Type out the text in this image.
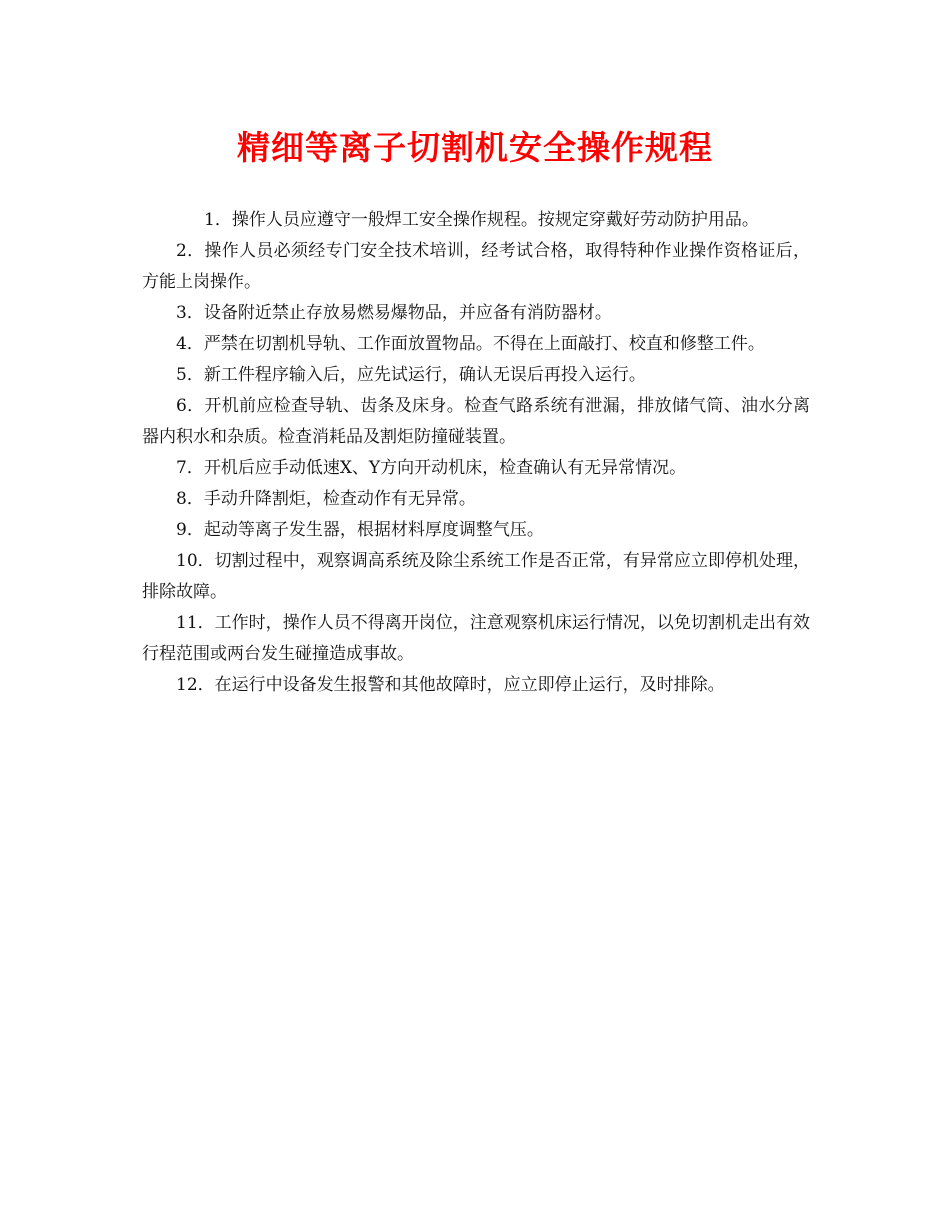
精细等离子切割机安全操作规程

1．操作人员应遵守一般焊工安全操作规程。按规定穿戴好劳动防护用品。

2．操作人员必须经专门安全技术培训，经考试合格，取得特种作业操作资格证后，方能上岗操作。

3．设备附近禁止存放易燃易爆物品，并应备有消防器材。

4．严禁在切割机导轨、工作面放置物品。不得在上面敲打、校直和修整工件。

5．新工件程序输入后，应先试运行，确认无误后再投入运行。

6．开机前应检查导轨、齿条及床身。检查气路系统有泄漏，排放储气筒、油水分离器内积水和杂质。检查消耗品及割炬防撞碰装置。

7．开机后应手动低速X、Y方向开动机床，检查确认有无异常情况。

8．手动升降割炬，检查动作有无异常。

9．起动等离子发生器，根据材料厚度调整气压。

10．切割过程中，观察调高系统及除尘系统工作是否正常，有异常应立即停机处理，排除故障。

11．工作时，操作人员不得离开岗位，注意观察机床运行情况，以免切割机走出有效行程范围或两台发生碰撞造成事故。

12．在运行中设备发生报警和其他故障时，应立即停止运行，及时排除。
